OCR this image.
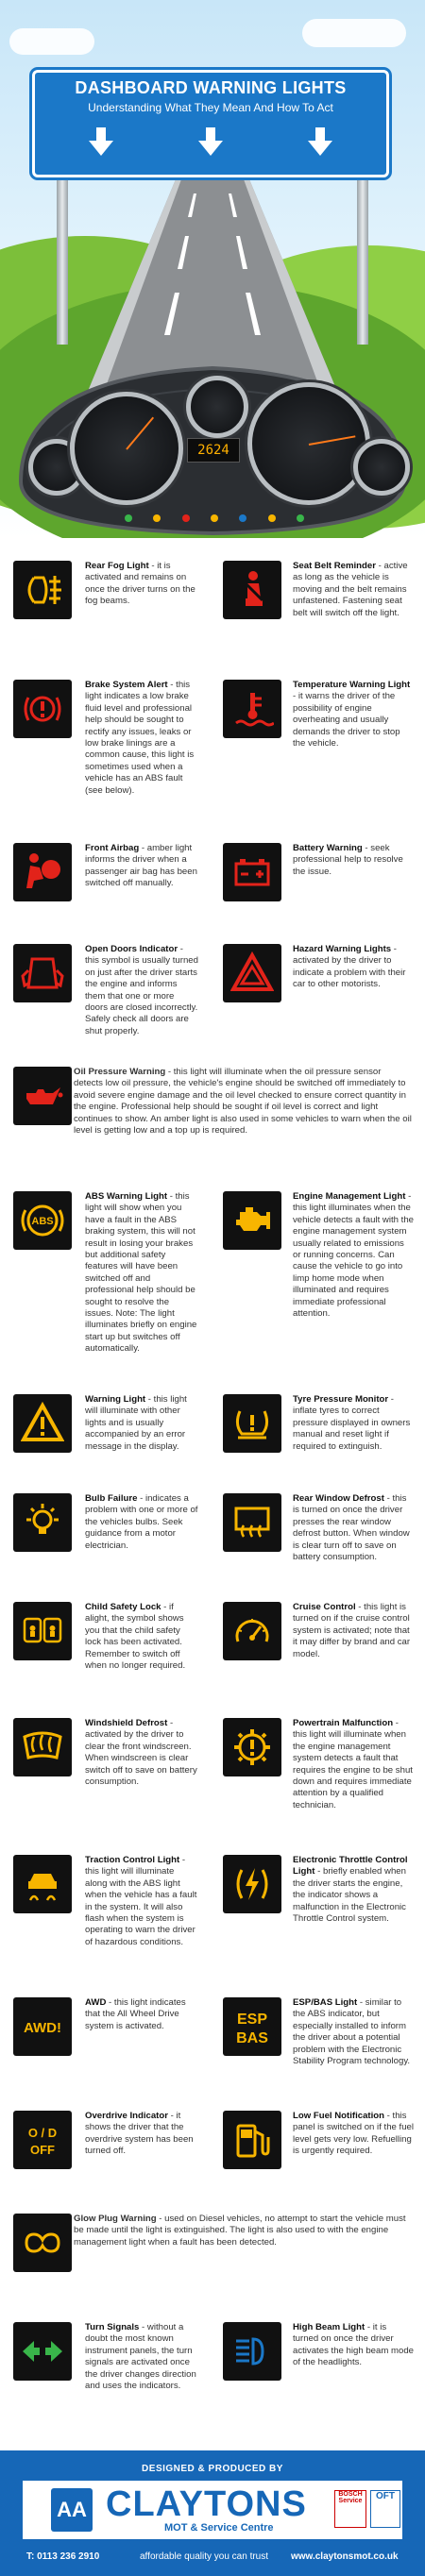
DASHBOARD WARNING LIGHTS
Understanding What They Mean And How To Act
2624
Rear Fog Light - it is activated and remains on once the driver turns on the fog beams.
Seat Belt Reminder - active as long as the vehicle is moving and the belt remains unfastened. Fastening seat belt will switch off the light.
Brake System Alert - this light indicates a low brake fluid level and professional help should be sought to rectify any issues, leaks or low brake linings are a common cause, this light is sometimes used when a vehicle has an ABS fault (see below).
Temperature Warning Light - it warns the driver of the possibility of engine overheating and usually demands the driver to stop the vehicle.
Front Airbag - amber light informs the driver when a passenger air bag has been switched off manually.
Battery Warning - seek professional help to resolve the issue.
Open Doors Indicator - this symbol is usually turned on just after the driver starts the engine and informs them that one or more doors are closed incorrectly. Safely check all doors are shut properly.
Hazard Warning Lights - activated by the driver to indicate a problem with their car to other motorists.
Oil Pressure Warning - this light will illuminate when the oil pressure sensor detects low oil pressure, the vehicle's engine should be switched off immediately to avoid severe engine damage and the oil level checked to ensure correct quantity in the engine. Professional help should be sought if oil level is correct and light continues to show. An amber light is also used in some vehicles to warn when the oil level is getting low and a top up is required.
ABS
ABS Warning Light - this light will show when you have a fault in the ABS braking system, this will not result in losing your brakes but additional safety features will have been switched off and professional help should be sought to resolve the issues. Note: The light illuminates briefly on engine start up but switches off automatically.
Engine Management Light - this light illuminates when the vehicle detects a fault with the engine management system usually related to emissions or running concerns. Can cause the vehicle to go into limp home mode when illuminated and requires immediate professional attention.
Warning Light - this light will illuminate with other lights and is usually accompanied by an error message in the display.
Tyre Pressure Monitor - inflate tyres to correct pressure displayed in owners manual and reset light if required to extinguish.
Bulb Failure - indicates a problem with one or more of the vehicles bulbs. Seek guidance from a motor electrician.
Rear Window Defrost - this is turned on once the driver presses the rear window defrost button. When window is clear turn off to save on battery consumption.
Child Safety Lock - if alight, the symbol shows you that the child safety lock has been activated. Remember to switch off when no longer required.
Cruise Control - this light is turned on if the cruise control system is activated; note that it may differ by brand and car model.
Windshield Defrost - activated by the driver to clear the front windscreen. When windscreen is clear switch off to save on battery consumption.
Powertrain Malfunction - this light will illuminate when the engine management system detects a fault that requires the engine to be shut down and requires immediate attention by a qualified technician.
Traction Control Light - this light will illuminate along with the ABS light when the vehicle has a fault in the system. It will also flash when the system is operating to warn the driver of hazardous conditions.
Electronic Throttle Control Light - briefly enabled when the driver starts the engine, the indicator shows a malfunction in the Electronic Throttle Control system.
AWD!
AWD - this light indicates that the All Wheel Drive system is activated.	ESP
BAS
ESP/BAS Light - similar to the ABS indicator, but especially installed to inform the driver about a potential problem with the Electronic Stability Program technology.
O / D
OFF
Overdrive Indicator - it shows the driver that the overdrive system has been turned off.
Low Fuel Notification - this panel is switched on if the fuel level gets very low. Refuelling is urgently required.
Glow Plug Warning - used on Diesel vehicles, no attempt to start the vehicle must be made until the light is extinguished. The light is also used to with the engine management light when a fault has been detected.
Turn Signals - without a doubt the most known instrument panels, the turn signals are activated once the driver changes direction and uses the indicators.
High Beam Light - it is turned on once the driver activates the high beam mode of the headlights.
DESIGNED & PRODUCED BY
AA CLAYTONS
MOT & Service Centre
BOSCH Service	OFT
T: 0113 236 2910	affordable quality you can trust www.claytonsmot.co.uk
